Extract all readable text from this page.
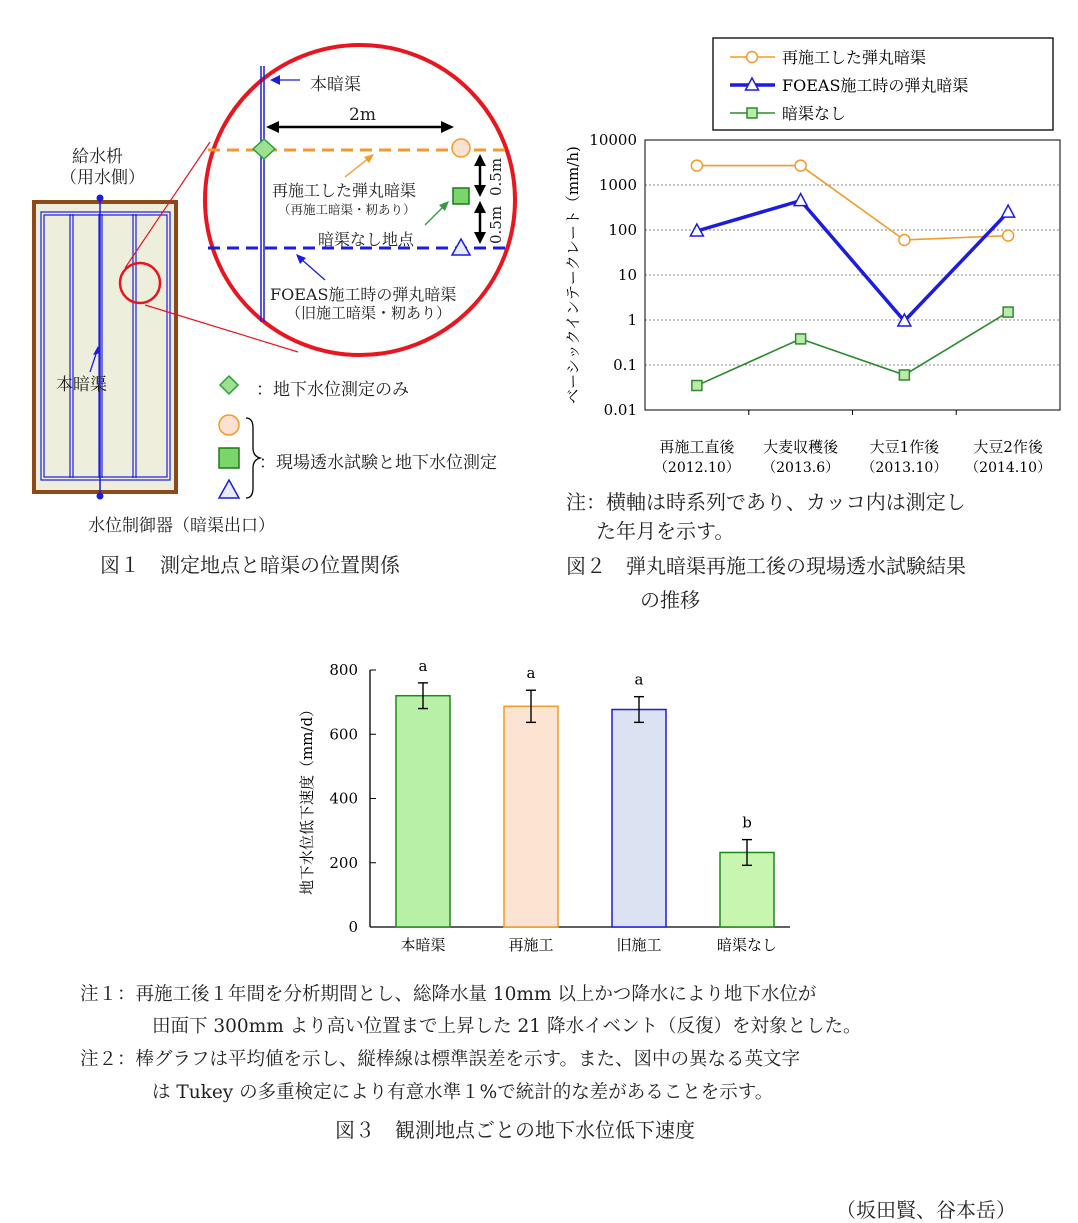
給水枡
（用水側）
本暗渠
水位制御器（暗渠出口）
本暗渠
2m
再施工した弾丸暗渠
（再施工暗渠・籾あり）
暗渠なし地点
FOEAS施工時の弾丸暗渠
（旧施工暗渠・籾あり）
0.5m
0.5m
：地下水位測定のみ
：現場透水試験と地下水位測定
図１　測定地点と暗渠の位置関係
10000
1000
100
10
1
0.1
0.01
再施工直後
（2012.10）
大麦収穫後
（2013.6）
大豆1作後
（2013.10）
大豆2作後
（2014.10）
ベーシックインテークレート（mm/h)
再施工した弾丸暗渠
FOEAS施工時の弾丸暗渠
暗渠なし
注：横軸は時系列であり、カッコ内は測定し
た年月を示す。
図２　弾丸暗渠再施工後の現場透水試験結果
の推移
0
200
400
600
800
地下水位低下速度（mm/d）
a
本暗渠
a
再施工
a
旧施工
b
暗渠なし
注１：再施工後１年間を分析期間とし、総降水量 10mm 以上かつ降水により地下水位が
田面下 300mm より高い位置まで上昇した 21 降水イベント（反復）を対象とした。
注２：棒グラフは平均値を示し、縦棒線は標準誤差を示す。また、図中の異なる英文字
は Tukey の多重検定により有意水準１%で統計的な差があることを示す。
図３　観測地点ごとの地下水位低下速度
（坂田賢、谷本岳）
